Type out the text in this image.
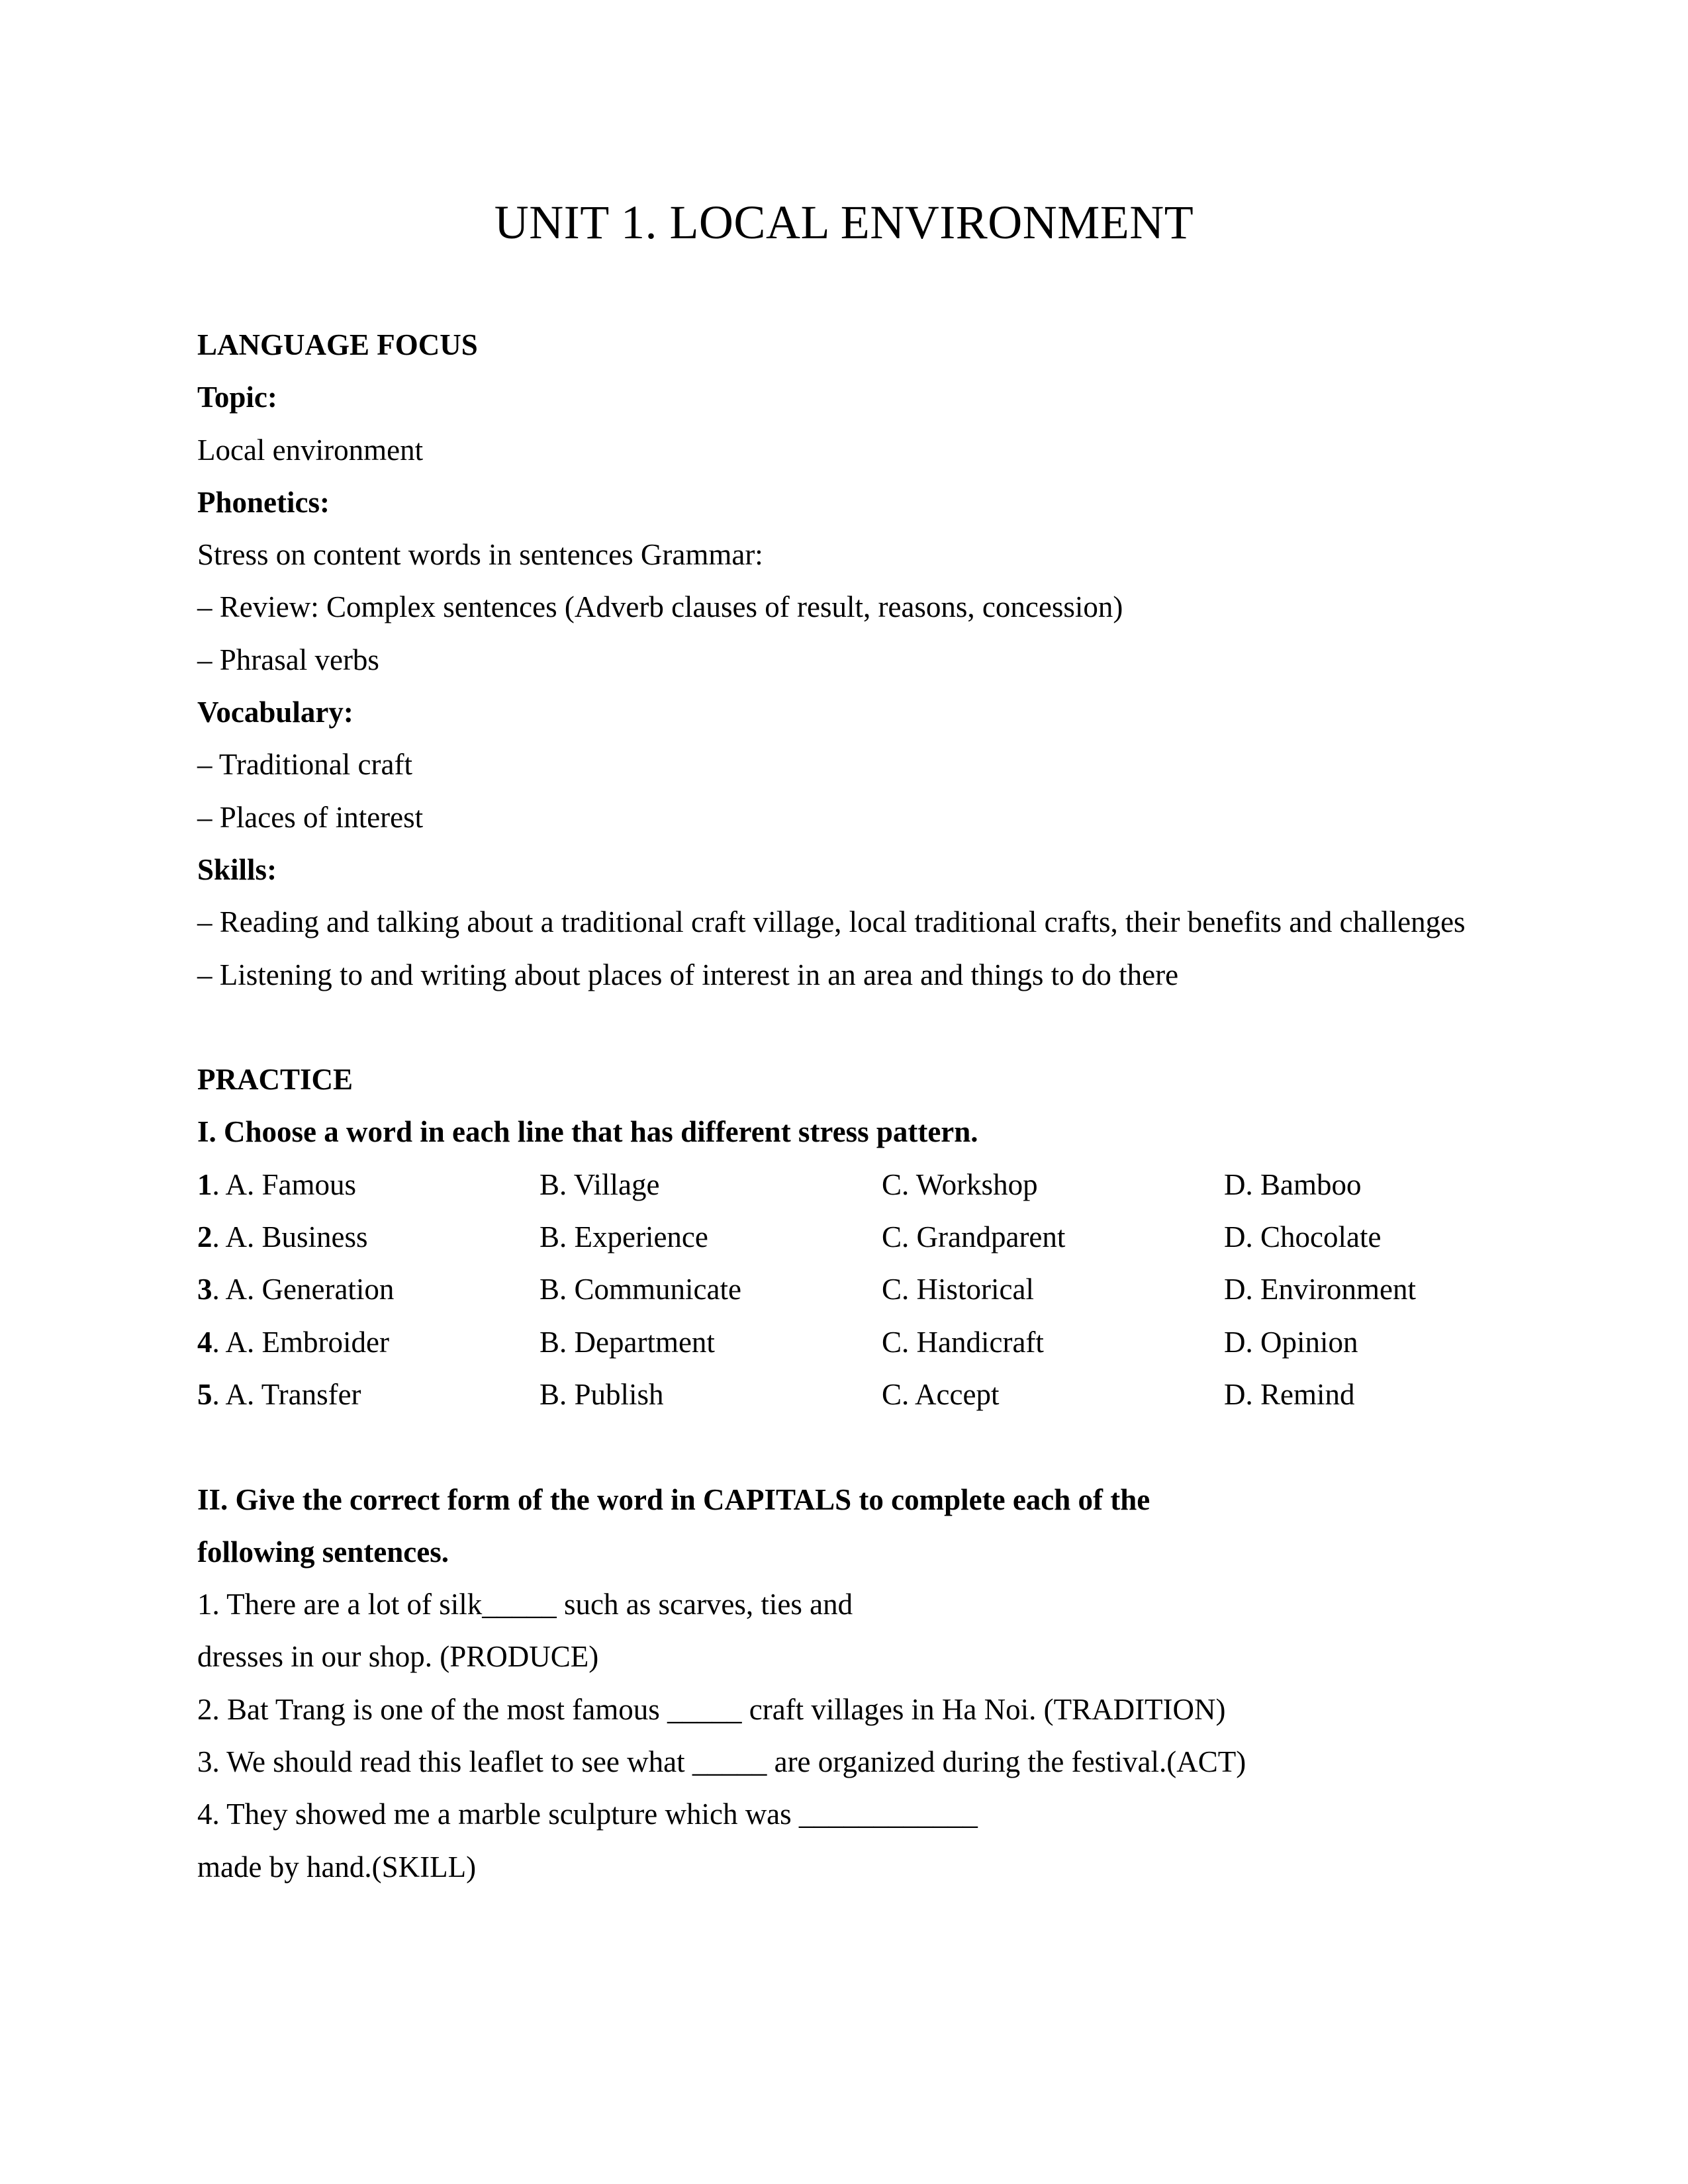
UNIT 1. LOCAL ENVIRONMENT
LANGUAGE FOCUS
Topic:
Local environment
Phonetics:
Stress on content words in sentences Grammar:
– Review: Complex sentences (Adverb clauses of result, reasons, concession)
– Phrasal verbs
Vocabulary:
– Traditional craft
– Places of interest
Skills:
– Reading and talking about a traditional craft village, local traditional crafts, their benefits and challenges
– Listening to and writing about places of interest in an area and things to do there
PRACTICE
I. Choose a word in each line that has different stress pattern.
1. A. Famous	B. Village	C. Workshop	D. Bamboo
2. A. Business	B. Experience	C. Grandparent	D. Chocolate
3. A. Generation	B. Communicate	C. Historical	D. Environment
4. A. Embroider	B. Department	C. Handicraft	D. Opinion
5. A. Transfer	B. Publish	C. Accept	D. Remind
II. Give the correct form of the word in CAPITALS to complete each of the
following sentences.
1. There are a lot of silk_____ such as scarves, ties and
dresses in our shop. (PRODUCE)
2. Bat Trang is one of the most famous _____ craft villages in Ha Noi. (TRADITION)
3. We should read this leaflet to see what _____ are organized during the festival.(ACT)
4. They showed me a marble sculpture which was ____________
made by hand.(SKILL)
